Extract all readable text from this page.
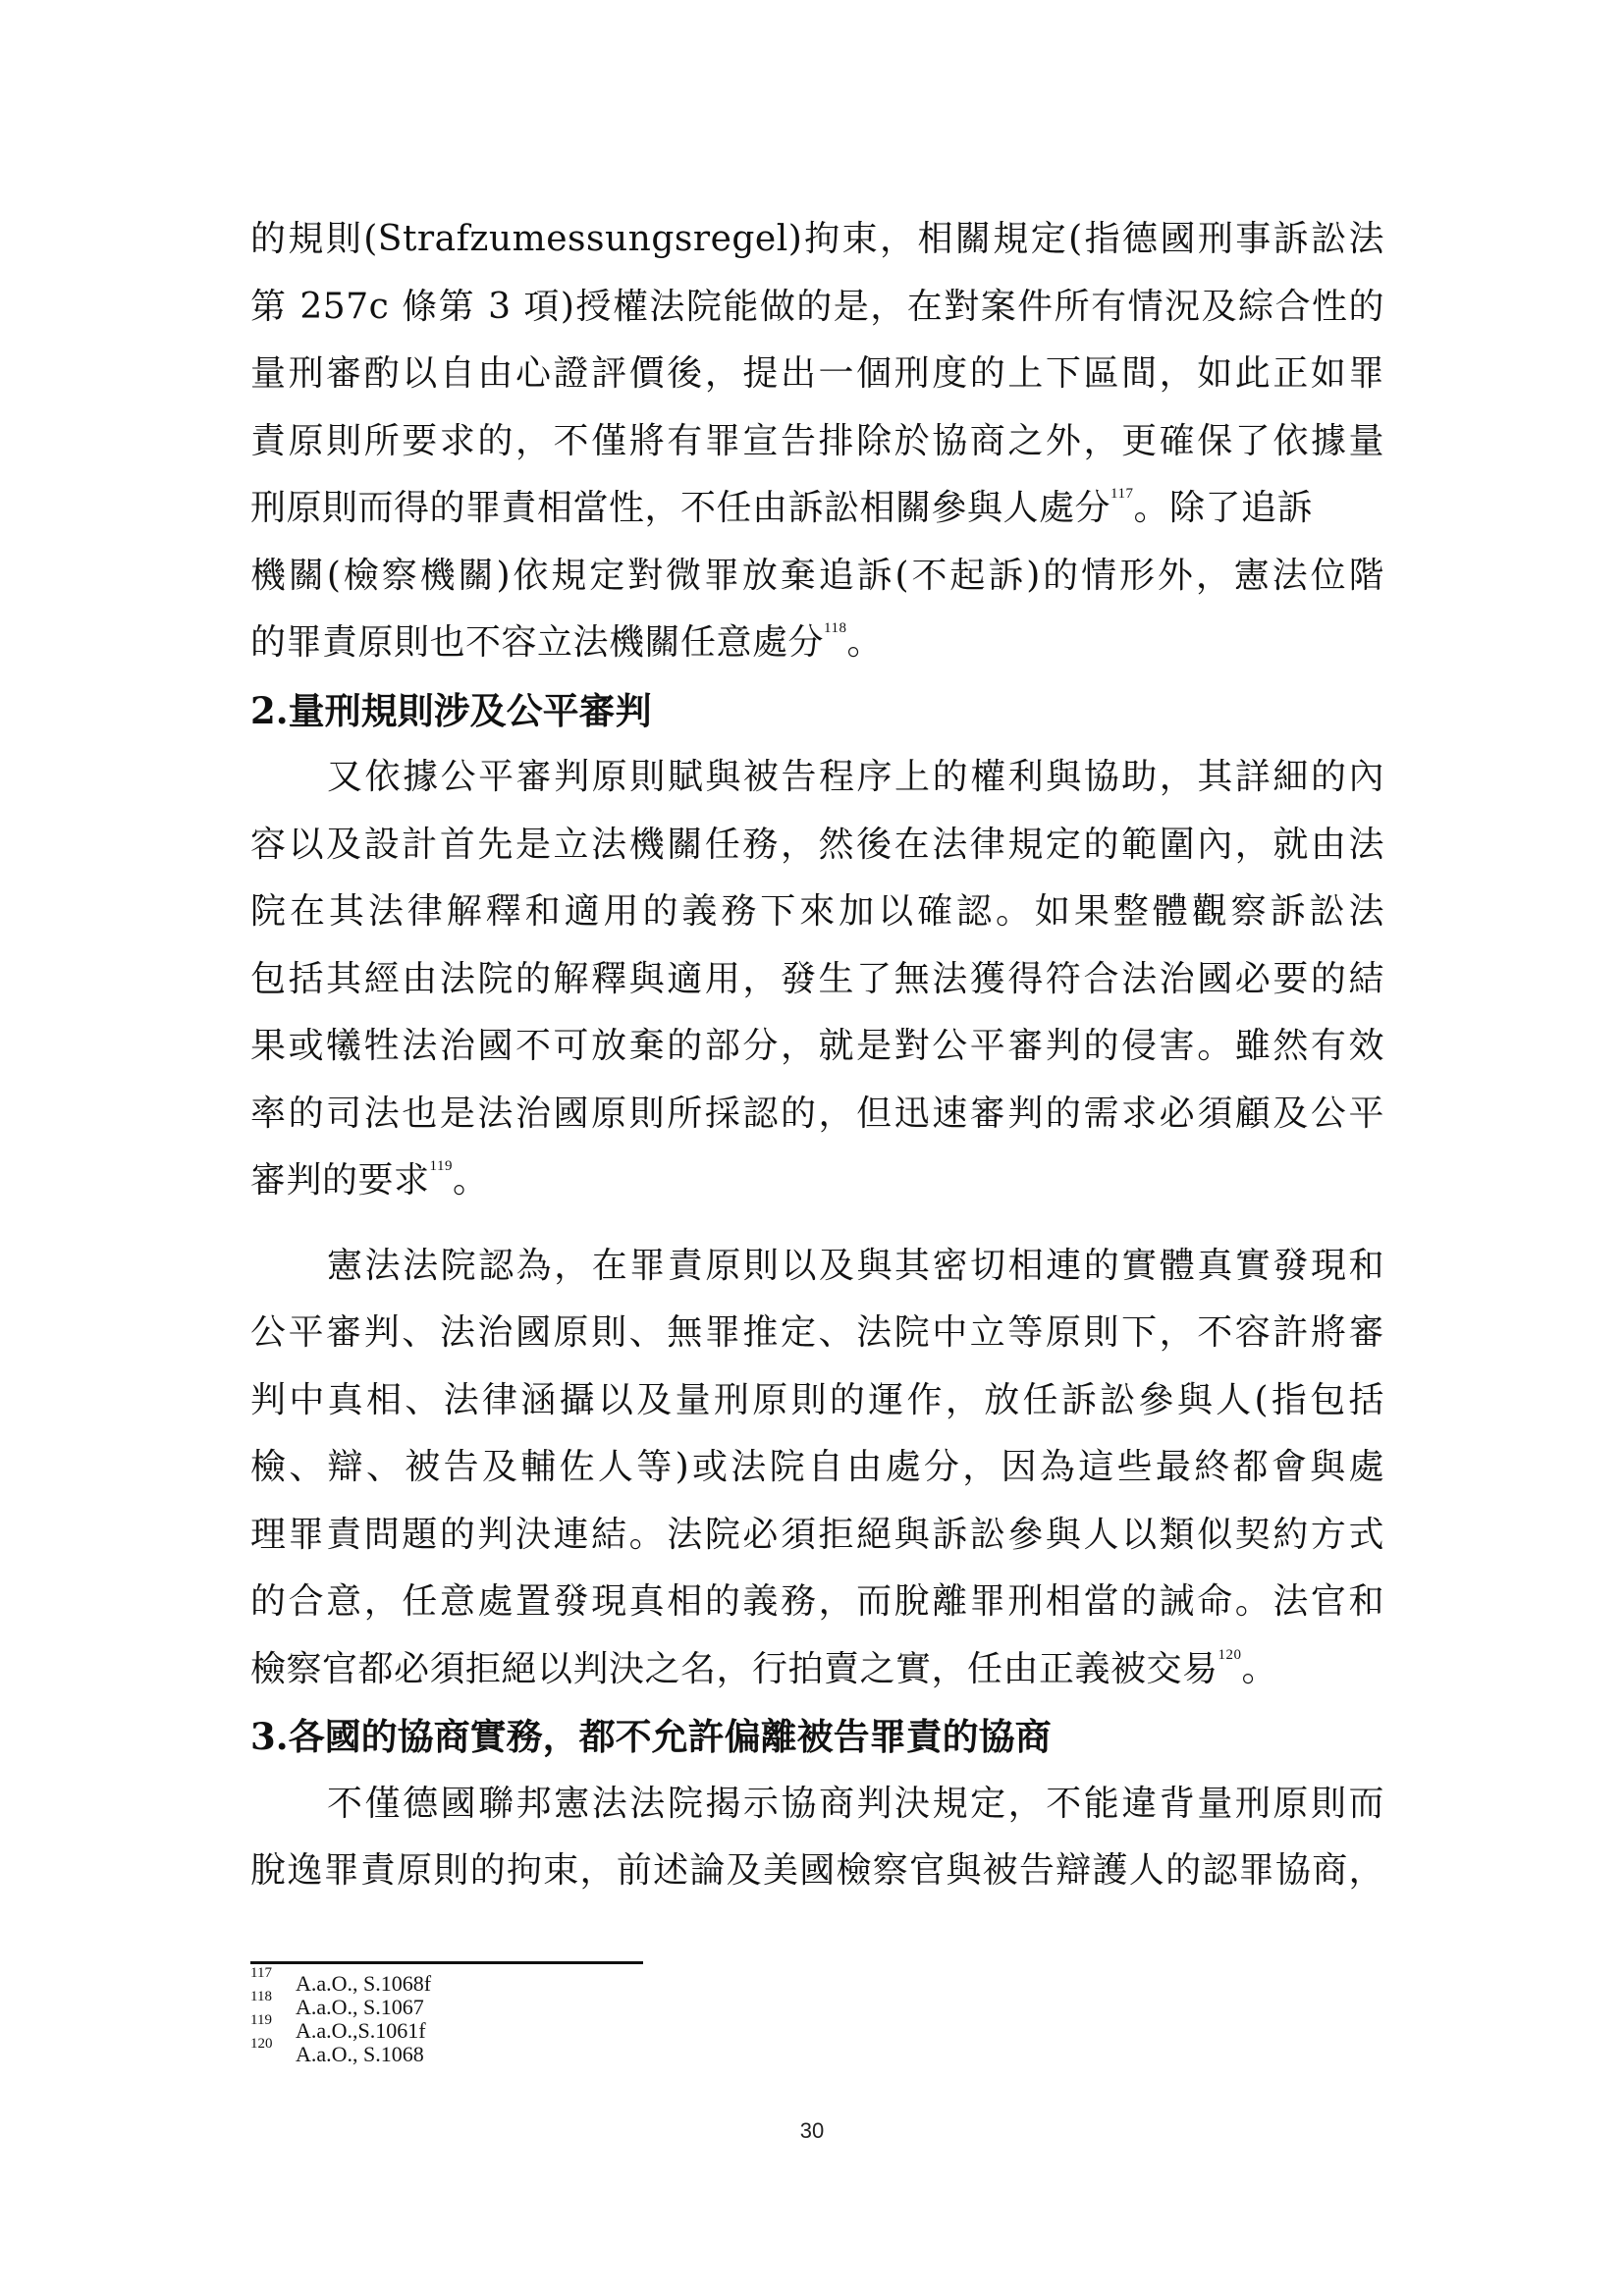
的規則(Strafzumessungsregel)拘束，相關規定(指德國刑事訴訟法

第 257c 條第 3 項)授權法院能做的是，在對案件所有情況及綜合性的

量刑審酌以自由心證評價後，提出一個刑度的上下區間，如此正如罪

責原則所要求的，不僅將有罪宣告排除於協商之外，更確保了依據量

刑原則而得的罪責相當性，不任由訴訟相關參與人處分$^{117}$。除了追訴

機關(檢察機關)依規定對微罪放棄追訴(不起訴)的情形外，憲法位階

的罪責原則也不容立法機關任意處分$^{118}$。

2.量刑規則涉及公平審判

又依據公平審判原則賦與被告程序上的權利與協助，其詳細的內

容以及設計首先是立法機關任務，然後在法律規定的範圍內，就由法

院在其法律解釋和適用的義務下來加以確認。如果整體觀察訴訟法

包括其經由法院的解釋與適用，發生了無法獲得符合法治國必要的結

果或犧牲法治國不可放棄的部分，就是對公平審判的侵害。雖然有效

率的司法也是法治國原則所採認的，但迅速審判的需求必須顧及公平

審判的要求$^{119}$。

憲法法院認為，在罪責原則以及與其密切相連的實體真實發現和

公平審判、法治國原則、無罪推定、法院中立等原則下，不容許將審

判中真相、法律涵攝以及量刑原則的運作，放任訴訟參與人(指包括

檢、辯、被告及輔佐人等)或法院自由處分，因為這些最終都會與處

理罪責問題的判決連結。法院必須拒絕與訴訟參與人以類似契約方式

的合意，任意處置發現真相的義務，而脫離罪刑相當的誡命。法官和

檢察官都必須拒絕以判決之名，行拍賣之實，任由正義被交易$^{120}$。

3.各國的協商實務，都不允許偏離被告罪責的協商

不僅德國聯邦憲法法院揭示協商判決規定，不能違背量刑原則而

脫逸罪責原則的拘束，前述論及美國檢察官與被告辯護人的認罪協商，

117 A.a.O., S.1068f
118 A.a.O., S.1067
119 A.a.O.,S.1061f
120 A.a.O., S.1068
30
